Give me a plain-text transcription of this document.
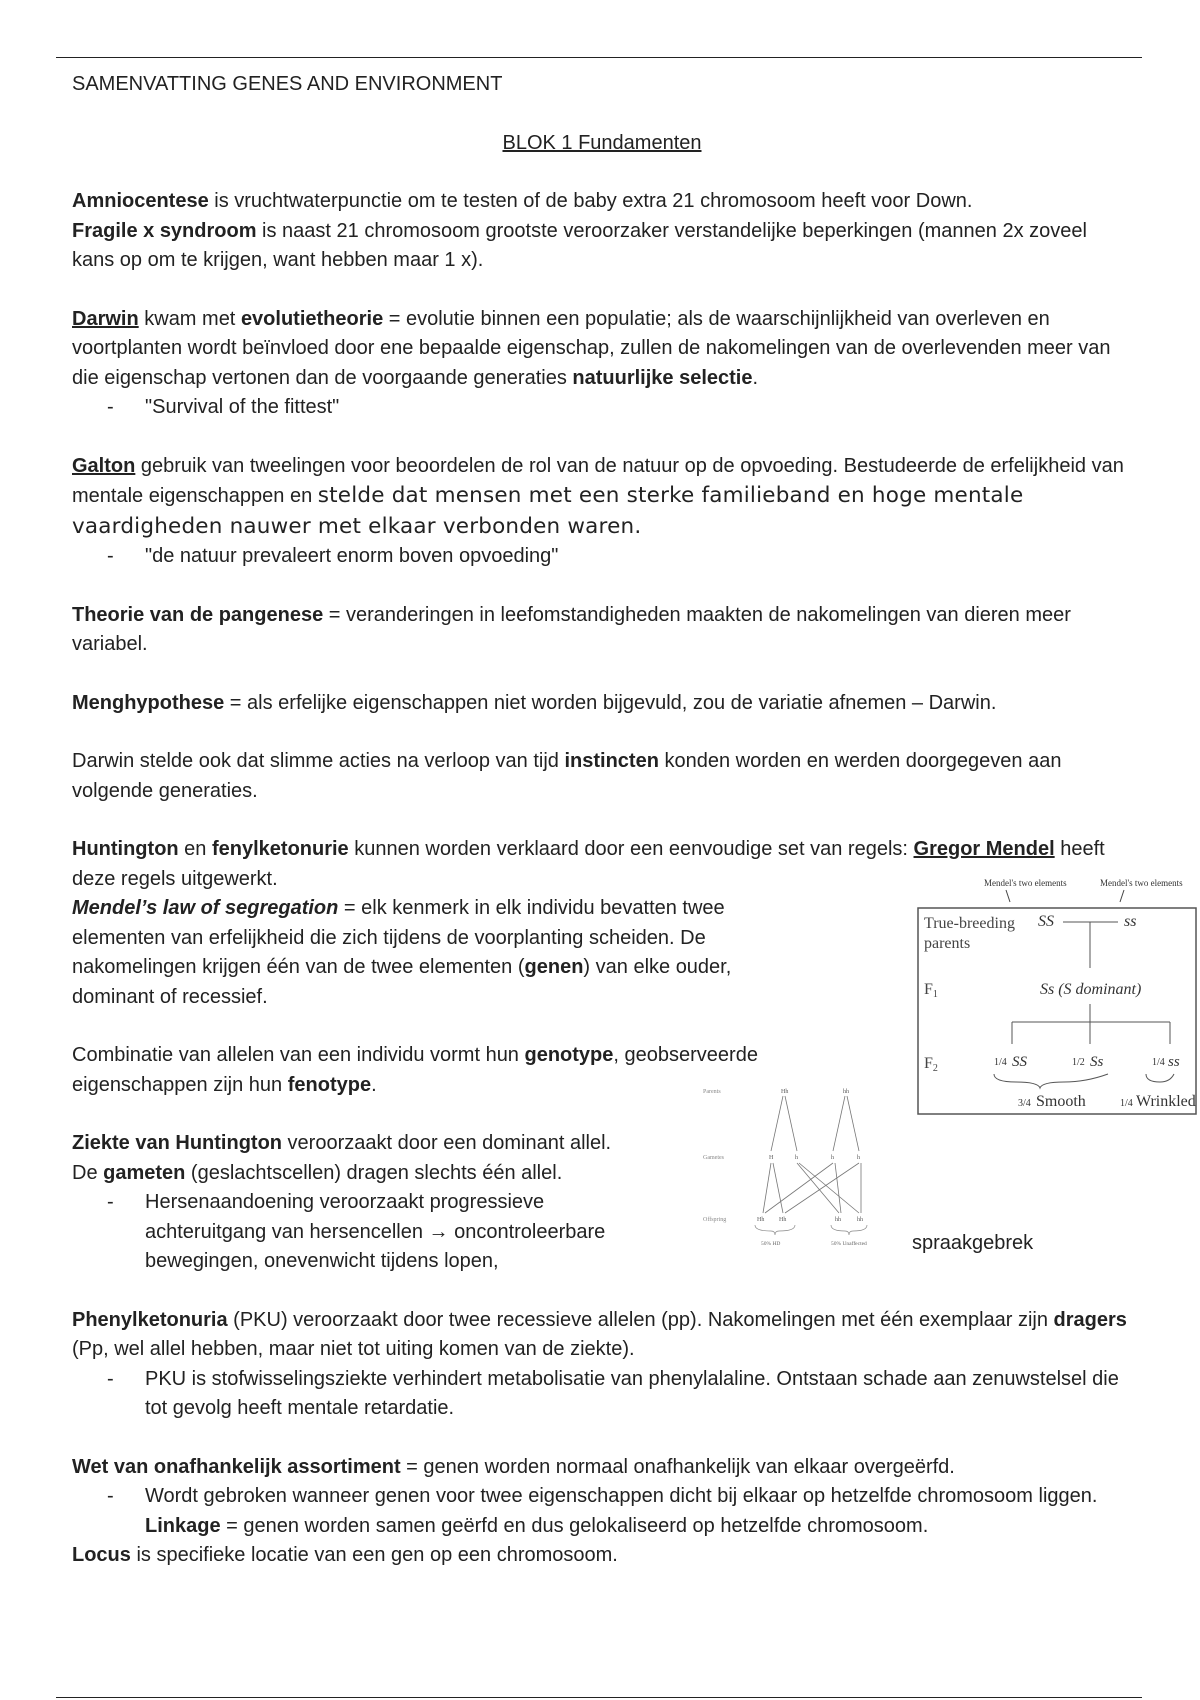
SAMENVATTING GENES AND ENVIRONMENT

BLOK 1 Fundamenten

Amniocentese is vruchtwaterpunctie om te testen of de baby extra 21 chromosoom heeft voor Down.
Fragile x syndroom is naast 21 chromosoom grootste veroorzaker verstandelijke beperkingen (mannen 2x zoveel kans op om te krijgen, want hebben maar 1 x).

Darwin kwam met evolutietheorie = evolutie binnen een populatie; als de waarschijnlijkheid van overleven en voortplanten wordt beïnvloed door ene bepaalde eigenschap, zullen de nakomelingen van de overlevenden meer van die eigenschap vertonen dan de voorgaande generaties natuurlijke selectie.

- "Survival of the fittest"

Galton gebruik van tweelingen voor beoordelen de rol van de natuur op de opvoeding. Bestudeerde de erfelijkheid van mentale eigenschappen en stelde dat mensen met een sterke familieband en hoge mentale vaardigheden nauwer met elkaar verbonden waren.

- "de natuur prevaleert enorm boven opvoeding"

Theorie van de pangenese = veranderingen in leefomstandigheden maakten de nakomelingen van dieren meer variabel.

Menghypothese = als erfelijke eigenschappen niet worden bijgevuld, zou de variatie afnemen – Darwin.

Darwin stelde ook dat slimme acties na verloop van tijd instincten konden worden en werden doorgegeven aan volgende generaties.

Huntington en fenylketonurie kunnen worden verklaard door een eenvoudige set van regels: Gregor Mendel heeft deze regels uitgewerkt.

Mendel’s law of segregation = elk kenmerk in elk individu bevatten twee elementen van erfelijkheid die zich tijdens de voorplanting scheiden. De nakomelingen krijgen één van de twee elementen (genen) van elke ouder, dominant of recessief.

Combinatie van allelen van een individu vormt hun genotype, geobserveerde eigenschappen zijn hun fenotype.

Ziekte van Huntington veroorzaakt door een dominant allel.
De gameten (geslachtscellen) dragen slechts één allel.

- Hersenaandoening veroorzaakt progressieve achteruitgang van hersencellen → oncontroleerbare bewegingen, onevenwicht tijdens lopen,

spraakgebrek

Phenylketonuria (PKU) veroorzaakt door twee recessieve allelen (pp). Nakomelingen met één exemplaar zijn dragers (Pp, wel allel hebben, maar niet tot uiting komen van de ziekte).

- PKU is stofwisselingsziekte verhindert metabolisatie van phenylalaline. Ontstaan schade aan zenuwstelsel die tot gevolg heeft mentale retardatie.

Wet van onafhankelijk assortiment = genen worden normaal onafhankelijk van elkaar overgeërfd.

- Wordt gebroken wanneer genen voor twee eigenschappen dicht bij elkaar op hetzelfde chromosoom liggen. Linkage = genen worden samen geërfd en dus gelokaliseerd op hetzelfde chromosoom.

Locus is specifieke locatie van een gen op een chromosoom.

Mendel's two elements	Mendel's two elements
True-breeding
parents
SS	ss
F1	Ss (S dominant)
F2
1/4 SS	1/2 Ss	1/4 ss
3/4 Smooth	1/4 Wrinkled
Parents
Gametes
Offspring
Hh	hh
H	h	h	h
Hh Hh	hh	hh
50% HD	50% Unaffected
